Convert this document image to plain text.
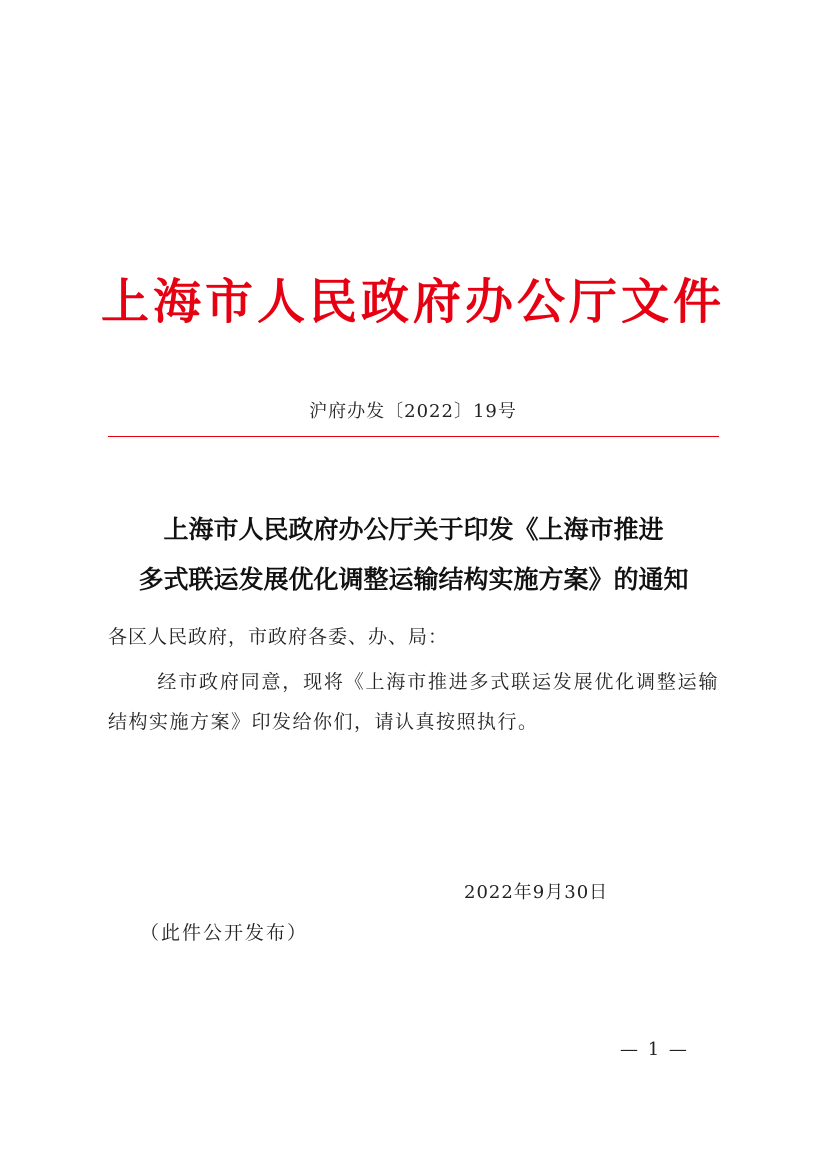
上海市人民政府办公厅文件
沪府办发〔2022〕19号
上海市人民政府办公厅关于印发《上海市推进
多式联运发展优化调整运输结构实施方案》的通知
各区人民政府，市政府各委、办、局：
经市政府同意，现将《上海市推进多式联运发展优化调整运输结构实施方案》印发给你们，请认真按照执行。
2022年9月30日
（此件公开发布）
— 1 —
